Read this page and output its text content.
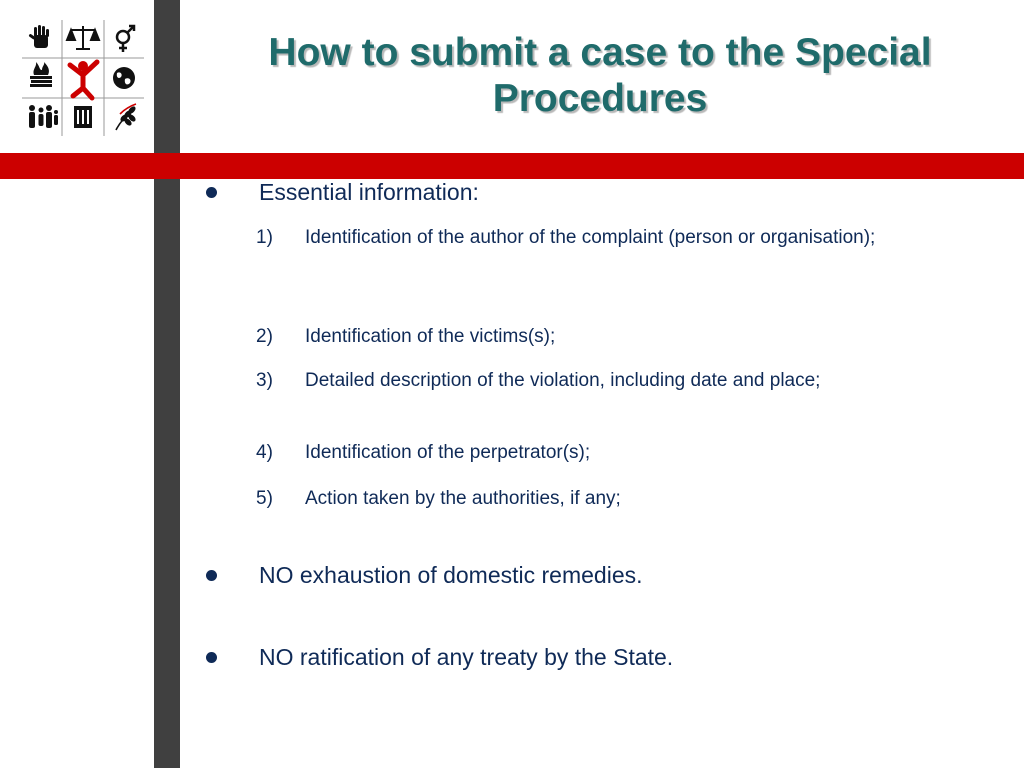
How to submit a case to the Special Procedures
Essential information:
1) Identification of the author of the complaint (person or organisation);
2) Identification of the victims(s);
3) Detailed description of the violation, including date and place;
4) Identification of the perpetrator(s);
5) Action taken by the authorities, if any;
NO exhaustion of domestic remedies.
NO ratification of any treaty by the State.
